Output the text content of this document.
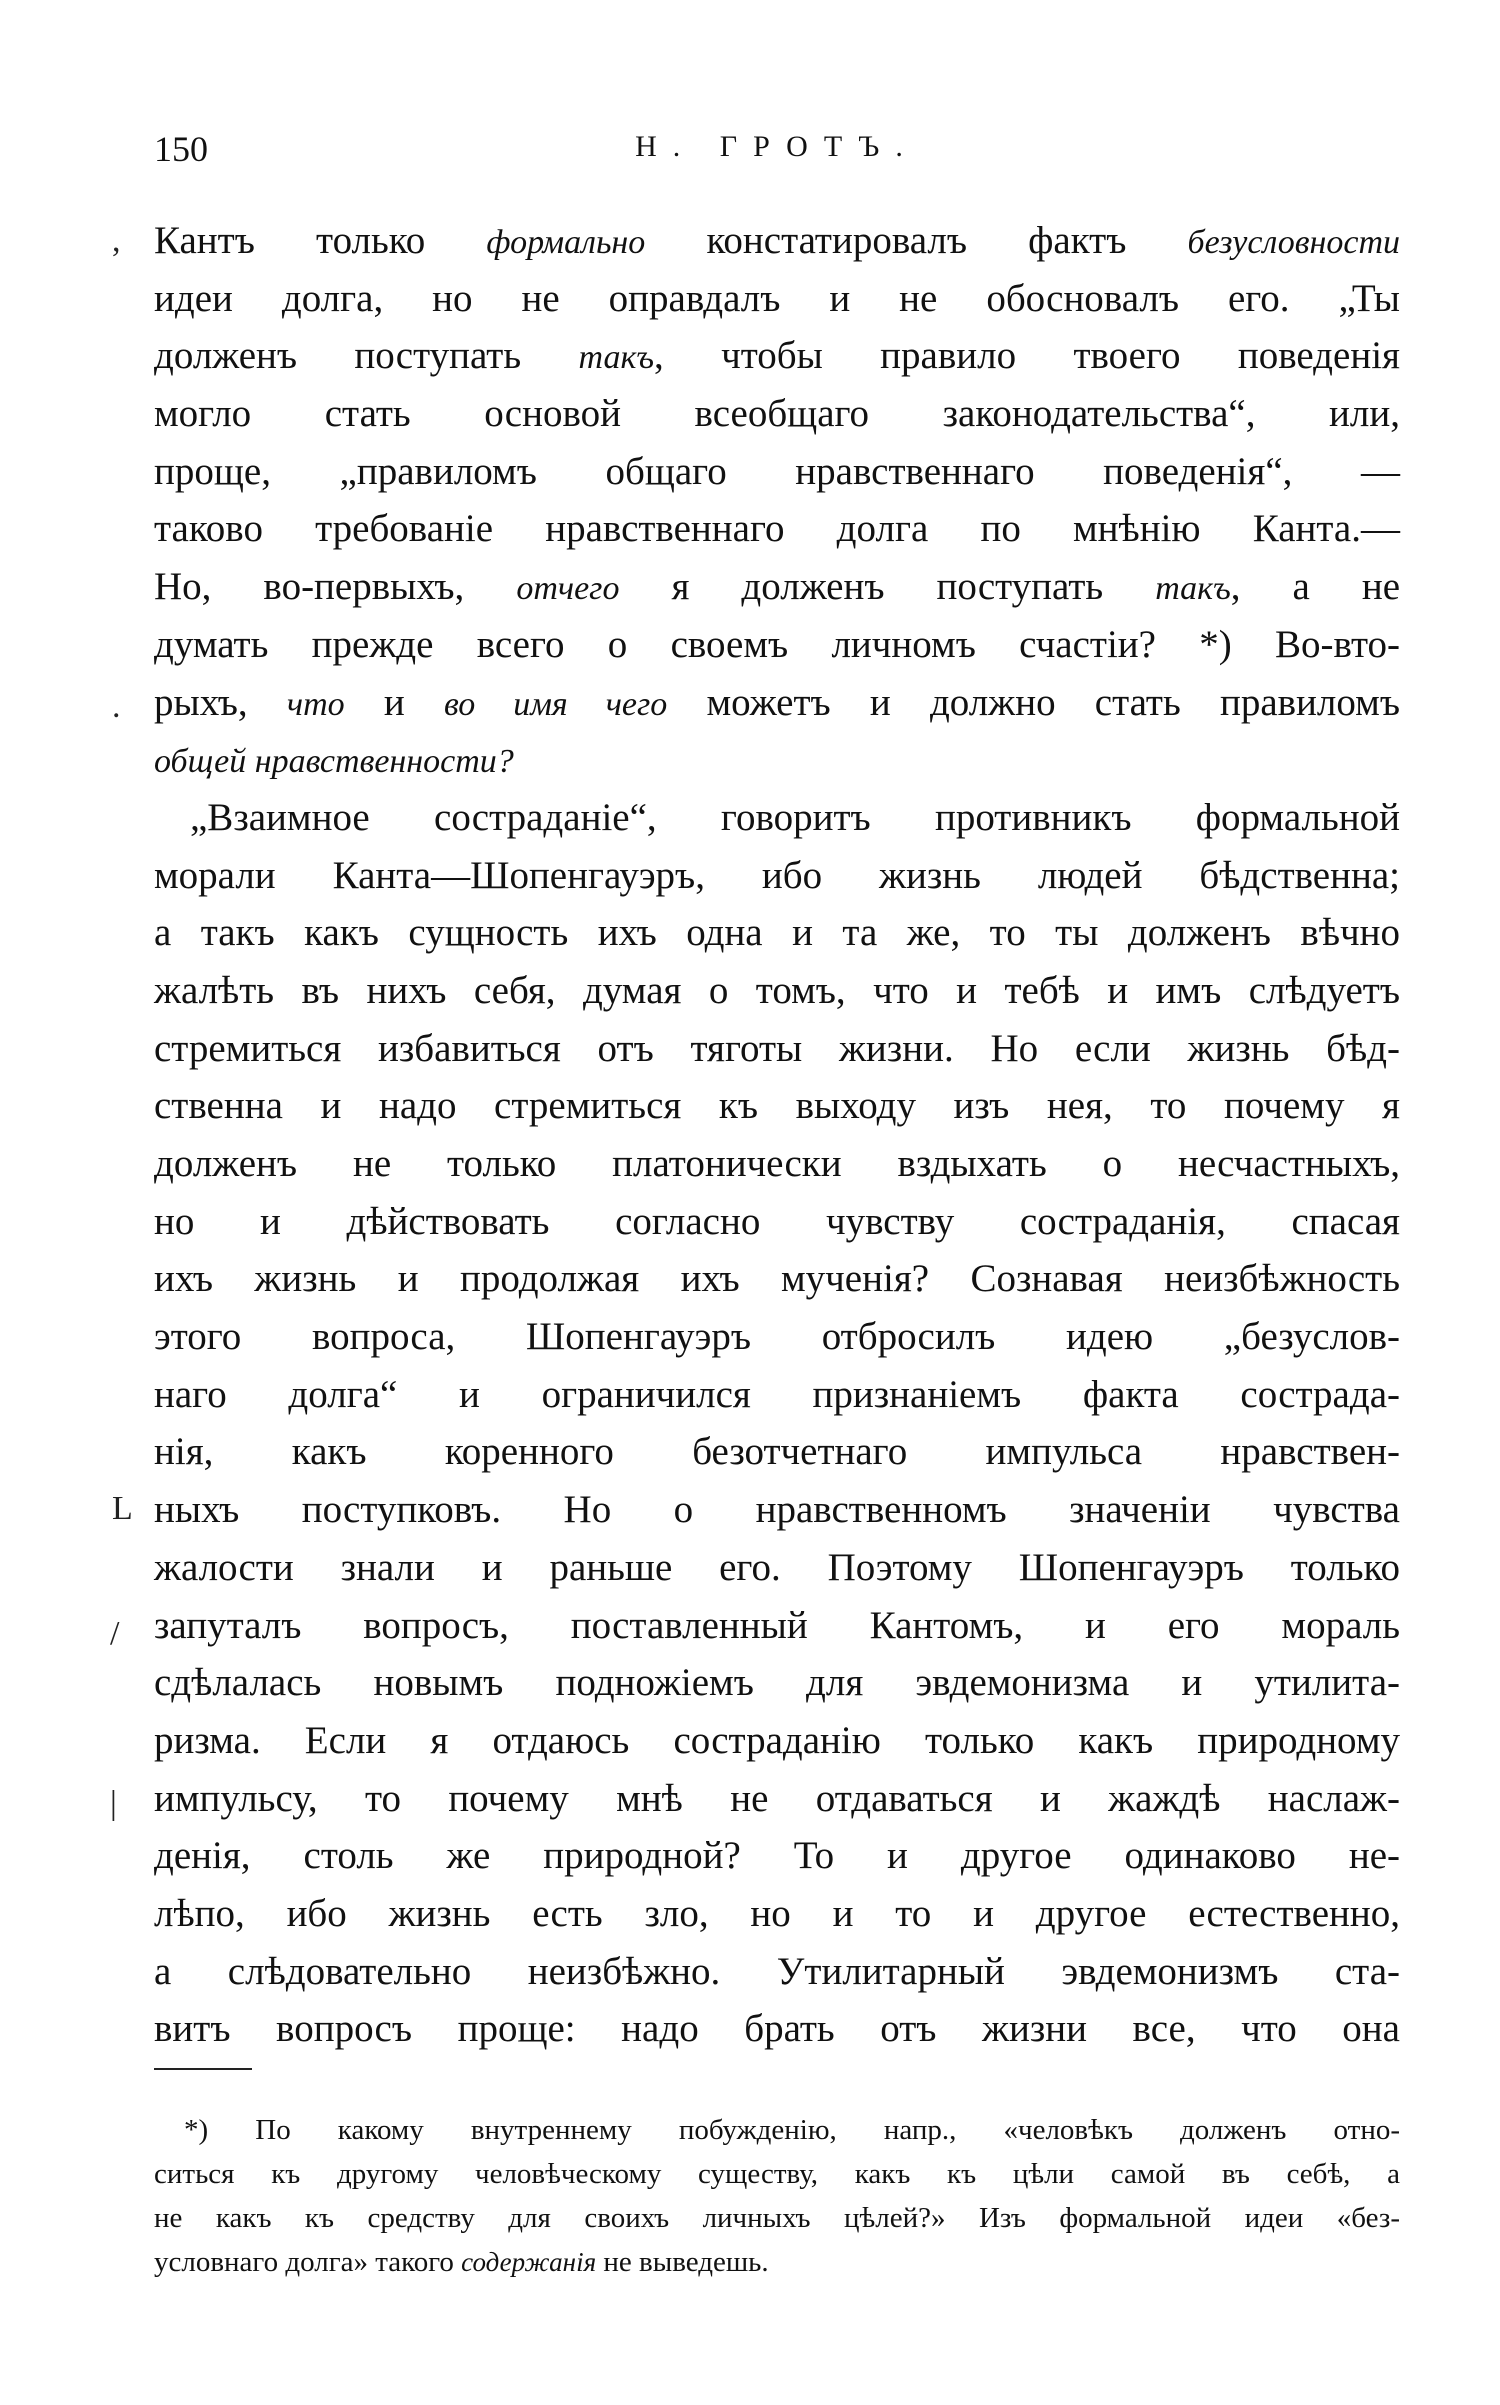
150	Н. ГРОТЪ.
Кантъ только формально констатировалъ фактъ безусловности
идеи долга, но не оправдалъ и не обосновалъ его. „Ты
долженъ поступать такъ, чтобы правило твоего поведенія
могло стать основой всеобщаго законодательства“, или,
проще, „правиломъ общаго нравственнаго поведенія“, —
таково требованіе нравственнаго долга по мнѣнію Канта.—
Но, во-первыхъ, отчего я долженъ поступать такъ, а не
думать прежде всего о своемъ личномъ счастіи? *) Во-вто-
рыхъ, что и во имя чего можетъ и должно стать правиломъ
общей нравственности?
„Взаимное состраданіе“, говоритъ противникъ формальной
морали Канта—Шопенгауэръ, ибо жизнь людей бѣдственна;
а такъ какъ сущность ихъ одна и та же, то ты долженъ вѣчно
жалѣть въ нихъ себя, думая о томъ, что и тебѣ и имъ слѣдуетъ
стремиться избавиться отъ тяготы жизни. Но если жизнь бѣд-
ственна и надо стремиться къ выходу изъ нея, то почему я
долженъ не только платонически вздыхать о несчастныхъ,
но и дѣйствовать согласно чувству состраданія, спасая
ихъ жизнь и продолжая ихъ мученія? Сознавая неизбѣжность
этого вопроса, Шопенгауэръ отбросилъ идею „безуслов-
наго долга“ и ограничился признаніемъ факта сострада-
нія, какъ коренного безотчетнаго импульса нравствен-
ныхъ поступковъ. Но о нравственномъ значеніи чувства
жалости знали и раньше его. Поэтому Шопенгауэръ только
запуталъ вопросъ, поставленный Кантомъ, и его мораль
сдѣлалась новымъ подножіемъ для эвдемонизма и утилита-
ризма. Если я отдаюсь состраданію только какъ природному
импульсу, то почему мнѣ не отдаваться и жаждѣ наслаж-
денія, столь же природной? То и другое одинаково не-
лѣпо, ибо жизнь есть зло, но и то и другое естественно,
а слѣдовательно неизбѣжно. Утилитарный эвдемонизмъ ста-
витъ вопросъ проще: надо брать отъ жизни все, что она
*) По какому внутреннему побужденію, напр., «человѣкъ долженъ отно-
ситься къ другому человѣческому существу, какъ къ цѣли самой въ себѣ, а
не какъ къ средству для своихъ личныхъ цѣлей?» Изъ формальной идеи «без-
условнаго долга» такого содержанія не выведешь.
,
.
L
/
|
